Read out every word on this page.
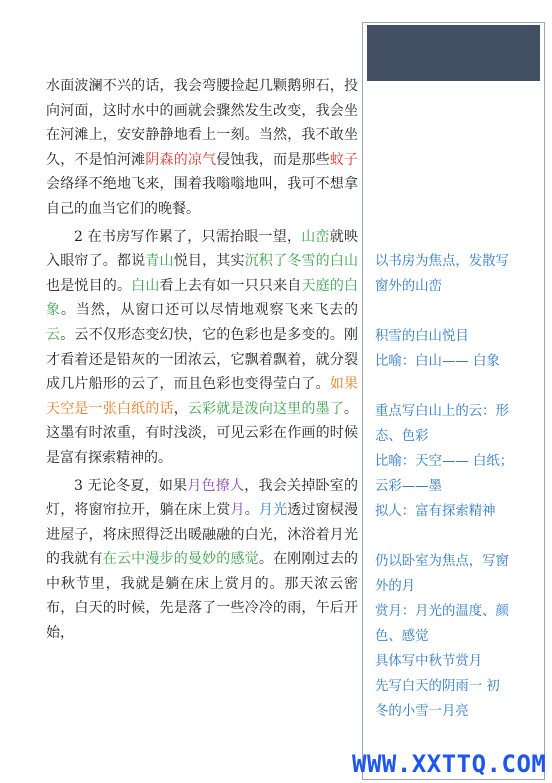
水面波澜不兴的话，我会弯腰捡起几颗鹅卵石，投向河面，这时水中的画就会骤然发生改变，我会坐在河滩上，安安静静地看上一刻。当然，我不敢坐久，不是怕河滩阴森的凉气侵蚀我，而是那些蚊子会络绎不绝地飞来，围着我嗡嗡地叫，我可不想拿自己的血当它们的晚餐。

2 在书房写作累了，只需抬眼一望，山峦就映入眼帘了。都说青山悦目，其实沉积了冬雪的白山也是悦目的。白山看上去有如一只只来自天庭的白象。当然，从窗口还可以尽情地观察飞来飞去的云。云不仅形态变幻快，它的色彩也是多变的。刚才看着还是铅灰的一团浓云，它飘着飘着，就分裂成几片船形的云了，而且色彩也变得莹白了。如果天空是一张白纸的话，云彩就是泼向这里的墨了。这墨有时浓重，有时浅淡，可见云彩在作画的时候是富有探索精神的。

3 无论冬夏，如果月色撩人，我会关掉卧室的灯，将窗帘拉开，躺在床上赏月。月光透过窗棂漫进屋子，将床照得泛出暖融融的白光，沐浴着月光的我就有在云中漫步的曼妙的感觉。在刚刚过去的中秋节里，我就是躺在床上赏月的。那天浓云密布，白天的时候，先是落了一些冷冷的雨，午后开始，

以书房为焦点，发散写
窗外的山峦
积雪的白山悦目
比喻：白山—— 白象
重点写白山上的云：形
态、色彩
比喻：天空—— 白纸；
云彩——墨
拟人：富有探索精神
仍以卧室为焦点，写窗
外的月
赏月：月光的温度、颜
色、感觉
具体写中秋节赏月
先写白天的阴雨一 初
冬的小雪一月亮
WWW.XXTTQ.COM
